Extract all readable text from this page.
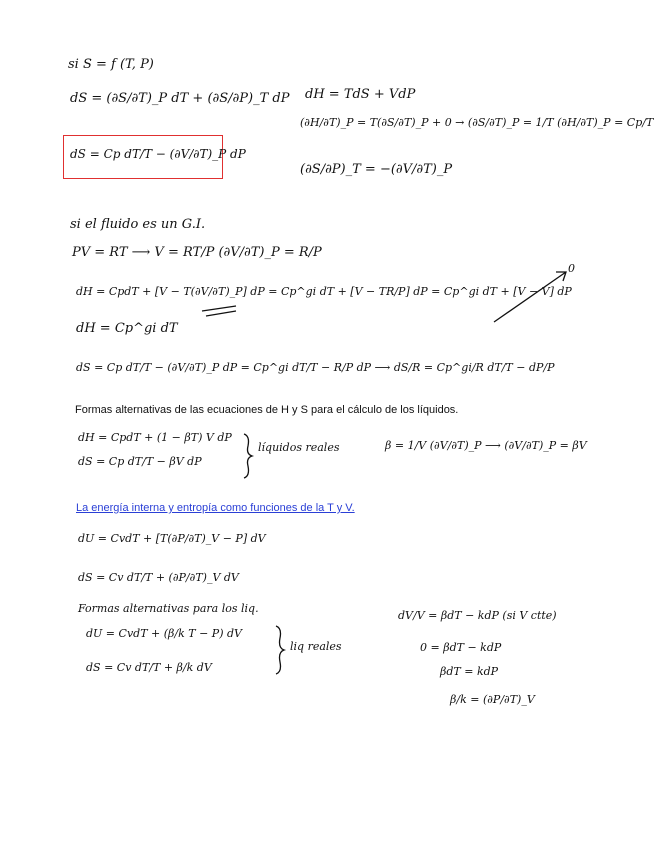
si S = f (T, P)
dS = (∂S/∂T)_P dT + (∂S/∂P)_T dP
dS = Cp dT/T − (∂V/∂T)_P dP
dH = TdS + VdP
(∂H/∂T)_P = T(∂S/∂T)_P + 0 → (∂S/∂T)_P = 1/T (∂H/∂T)_P = Cp/T
(∂S/∂P)_T = −(∂V/∂T)_P
si el fluido es un G.I.
PV = RT ⟶ V = RT/P (∂V/∂T)_P = R/P
dH = CpdT + [V − T(∂V/∂T)_P] dP = Cp^gi dT + [V − TR/P] dP = Cp^gi dT + [V − V] dP
0
dH = Cp^gi dT
dS = Cp dT/T − (∂V/∂T)_P dP = Cp^gi dT/T − R/P dP ⟶ dS/R = Cp^gi/R dT/T − dP/P
Formas alternativas de las ecuaciones de H y S para el cálculo de los líquidos.
dH = CpdT + (1 − βT) V dP
dS = Cp dT/T − βV dP
líquidos reales	β = 1/V (∂V/∂T)_P ⟶ (∂V/∂T)_P = βV
La energía interna y entropía como funciones de la T y V.
dU = CvdT + [T(∂P/∂T)_V − P] dV
dS = Cv dT/T + (∂P/∂T)_V dV
Formas alternativas para los liq.
dU = CvdT + (β/k T − P) dV
dS = Cv dT/T + β/k dV
liq reales
dV/V = βdT − kdP (si V ctte)
0 = βdT − kdP
βdT = kdP
β/k = (∂P/∂T)_V
